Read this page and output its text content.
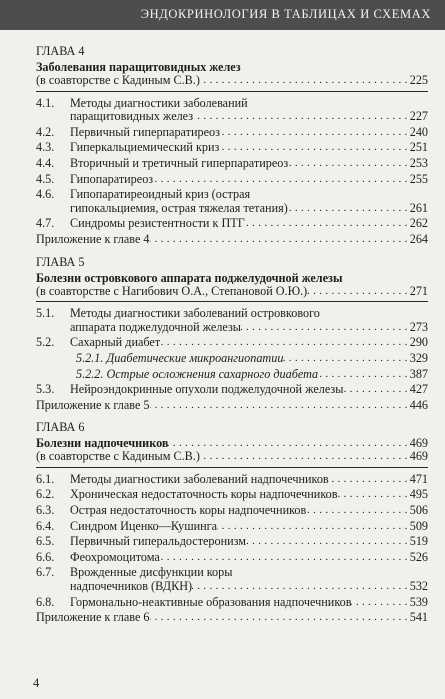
ЭНДОКРИНОЛОГИЯ В ТАБЛИЦАХ И СХЕМАХ
ГЛАВА 4
Заболевания паращитовидных желез
(в соавторстве с Кадиным С.В.) . . .	225
4.1.	Методы диагностики заболеваний
паращитовидных желез . . .	227
4.2.	Первичный гиперпаратиреоз . . .	240
4.3.	Гиперкальциемический криз . . .	251
4.4.	Вторичный и третичный гиперпаратиреоз . . .	253
4.5.	Гипопаратиреоз . . .	255
4.6.	Гипопаратиреоидный криз (острая
гипокальциемия, острая тяжелая тетания) . . .	261
4.7.	Синдромы резистентности к ПТГ . . .	262
Приложение к главе 4 . . .	264
ГЛАВА 5
Болезни островкового аппарата поджелудочной железы
(в соавторстве с Нагибович О.А., Степановой О.Ю.) . . .	271
5.1.	Методы диагностики заболеваний островкового
аппарата поджелудочной железы . . .	273
5.2.	Сахарный диабет . . .	290
5.2.1. Диабетические микроангиопатии . . .	329
5.2.2. Острые осложнения сахарного диабета . . .	387
5.3.	Нейроэндокринные опухоли поджелудочной железы . . .	427
Приложение к главе 5 . . .	446
ГЛАВА 6
Болезни надпочечников . . .	469
(в соавторстве с Кадиным С.В.) . . .	469
6.1.	Методы диагностики заболеваний надпочечников . . .	471
6.2.	Хроническая недостаточность коры надпочечников . . .	495
6.3.	Острая недостаточность коры надпочечников . . .	506
6.4.	Синдром Иценко—Кушинга . . .	509
6.5.	Первичный гиперальдостеронизм . . .	519
6.6.	Феохромоцитома . . .	526
6.7.	Врожденные дисфункции коры
надпочечников (ВДКН) . . .	532
6.8.	Гормонально-неактивные образования надпочечников . . .	539
Приложение к главе 6 . . .	541
4
